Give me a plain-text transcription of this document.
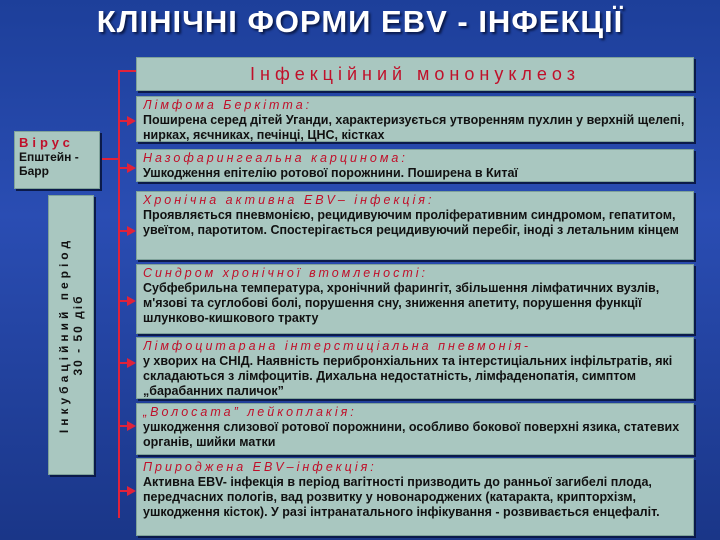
КЛІНІЧНІ ФОРМИ EBV - ІНФЕКЦІЇ
Інфекційний мононуклеоз
Вірус
Епштейн - Барр
Інкубаційний період 30 - 50 діб
Лімфома Беркітта:
Поширена серед дітей Уганди, характеризується утворенням пухлин у верхній щелепі, нирках, яєчниках, печінці, ЦНС, кістках
Назофарингеальна карцинома:
Ушкодження епітелію ротової порожнини. Поширена в Китаї
Хронічна активна EBV– інфекція:
Проявляється пневмонією, рецидивуючим проліферативним синдромом, гепатитом, увеїтом, паротитом. Спостерігається рецидивуючий перебіг, іноді з летальним кінцем
Синдром хронічної втомленості:
Субфебрильна температура, хронічний фарингіт, збільшення лімфатичних вузлів, м'язові та суглобові болі, порушення сну, зниження апетиту, порушення функції шлунково-кишкового тракту
Лімфоцитарана інтерстиціальна пневмонія-
у хворих на СНІД. Наявність перибронхіальних та інтерстиціальних інфільтратів, які складаються з лімфоцитів. Дихальна недостатність, лімфаденопатія, симптом „барабанних паличок”
„Волосата” лейкоплакія:
ушкодження слизової ротової порожнини, особливо бокової поверхні язика, статевих органів, шийки матки
Природжена EBV–інфекція:
Активна EBV- інфекція в період вагітності призводить до ранньої загибелі плода, передчасних пологів, вад розвитку у новонароджених (катаракта, крипторхізм, ушкодження кісток). У разі інтранатального інфікування - розвивається енцефаліт.
